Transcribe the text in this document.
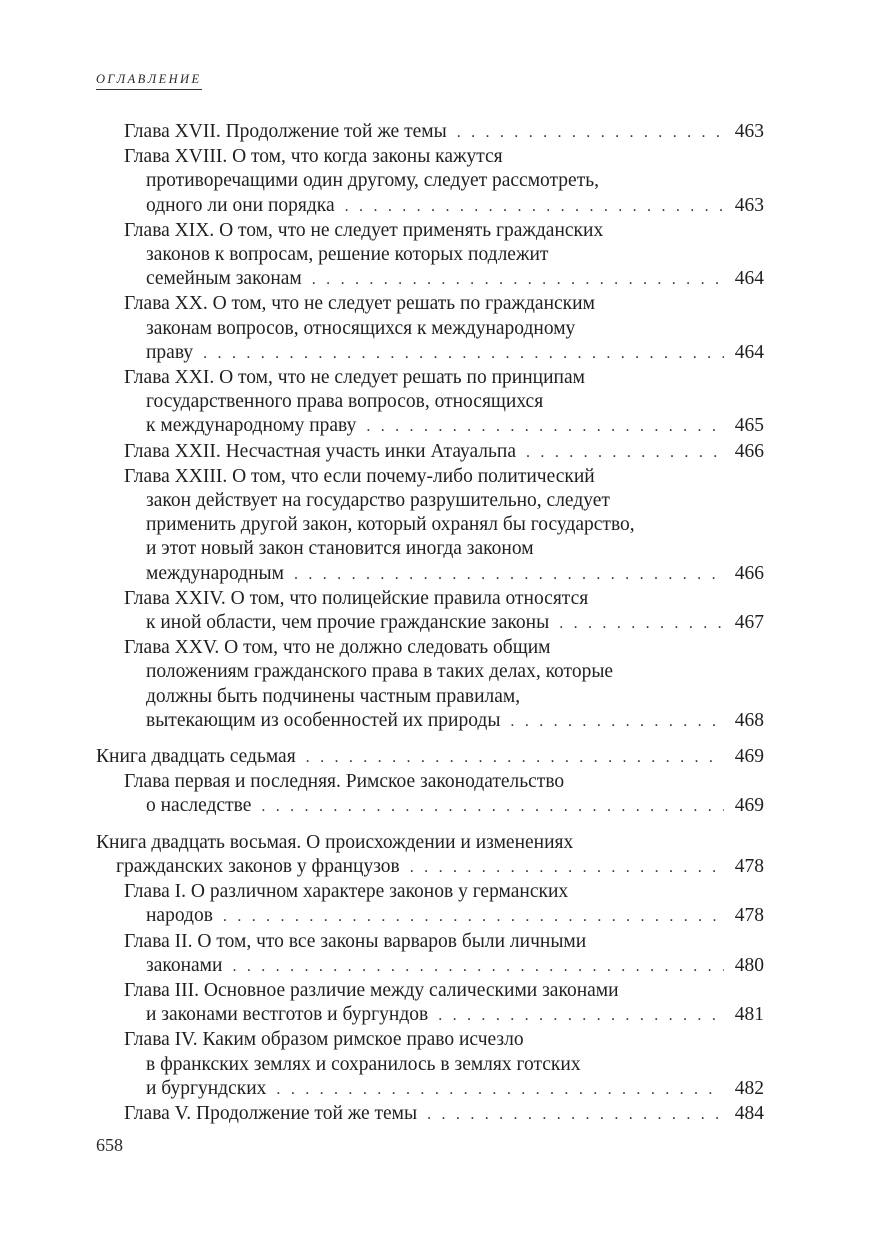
ОГЛАВЛЕНИЕ
Глава XVII. Продолжение той же темы . . .	463
Глава XVIII. О том, что когда законы кажутся
противоречащими один другому, следует рассмотреть,
одного ли они порядка . . .	463
Глава XIX. О том, что не следует применять гражданских
законов к вопросам, решение которых подлежит
семейным законам . . .	464
Глава XX. О том, что не следует решать по гражданским
законам вопросов, относящихся к международному
праву . . .	464
Глава XXI. О том, что не следует решать по принципам
государственного права вопросов, относящихся
к международному праву . . .	465
Глава XXII. Несчастная участь инки Атауальпа . . .	466
Глава XXIII. О том, что если почему-либо политический
закон действует на государство разрушительно, следует
применить другой закон, который охранял бы государство,
и этот новый закон становится иногда законом
международным . . .	466
Глава XXIV. О том, что полицейские правила относятся
к иной области, чем прочие гражданские законы . . .	467
Глава XXV. О том, что не должно следовать общим
положениям гражданского права в таких делах, которые
должны быть подчинены частным правилам,
вытекающим из особенностей их природы . . .	468
Книга двадцать седьмая . . .	469
Глава первая и последняя. Римское законодательство
о наследстве . . .	469
Книга двадцать восьмая. О происхождении и изменениях
гражданских законов у французов . . .	478
Глава I. О различном характере законов у германских
народов . . .	478
Глава II. О том, что все законы варваров были личными
законами . . .	480
Глава III. Основное различие между салическими законами
и законами вестготов и бургундов . . .	481
Глава IV. Каким образом римское право исчезло
в франкских землях и сохранилось в землях готских
и бургундских . . .	482
Глава V. Продолжение той же темы . . .	484
658
